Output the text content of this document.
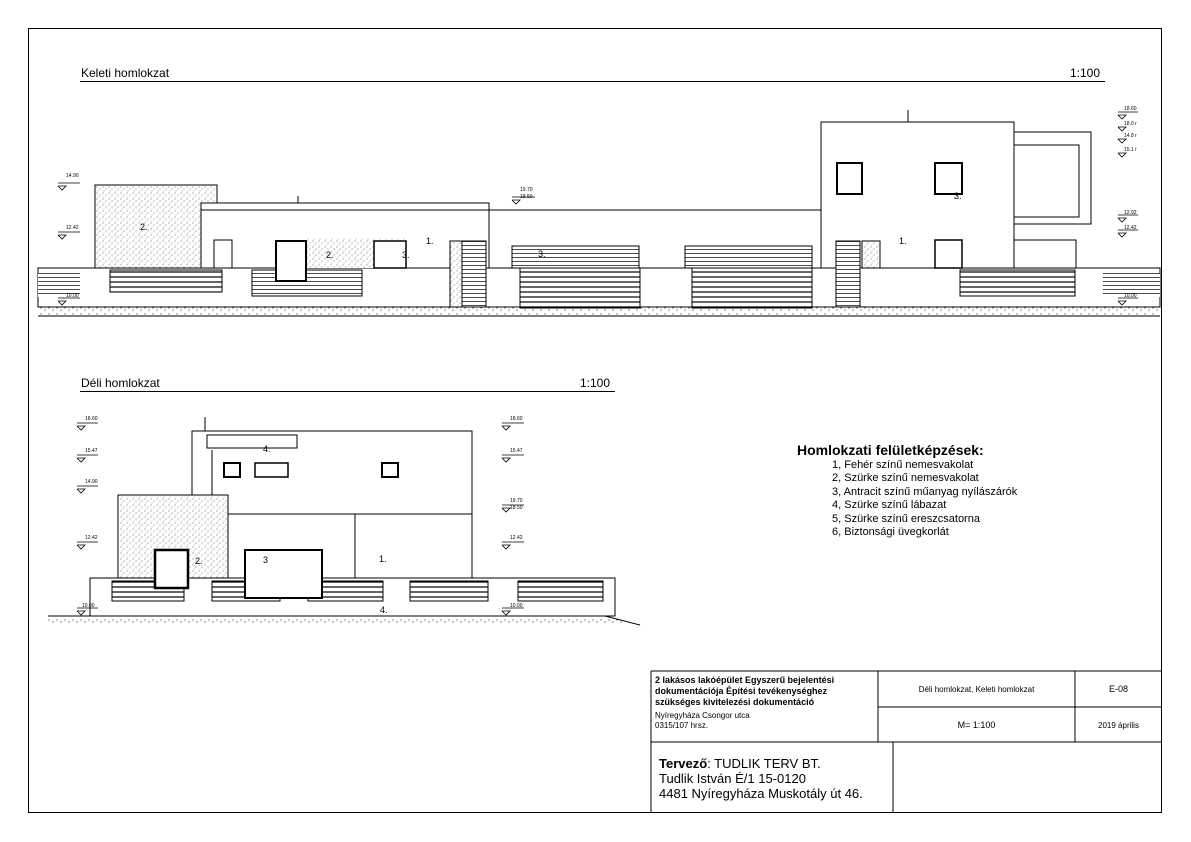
Keleti homlokzat	1:100
Déli homlokzat	1:100
14.90
12.42
10.00
19.70
18.50
18.60
18.0 r
14.8 r
15.1 r
12.92
12.42
10.00
2.
2.	3.
1.
3.
1.
3.
18.60
15.47
14.90
12.42
10.00
18.60
15.47
19.70
18.50
12.42
10.00
4.
2.	3	1.
4.
Homlokzati felületképzések:
1, Fehér színű nemesvakolat
2, Szürke színű nemesvakolat
3, Antracit színű műanyag nyílászárók
4, Szürke színű lábazat
5, Szürke színű ereszcsatorna
6, Biztonsági üvegkorlát
2 lakásos lakóépület Egyszerű bejelentési
dokumentációja Építési tevékenységhez
szükséges kivitelezési dokumentáció
Nyíregyháza Csongor utca
0315/107 hrsz.
Déli homlokzat, Keleti homlokzat	E-08
M= 1:100	2019 április
Tervező: TUDLIK TERV BT.
Tudlik István É/1 15-0120
4481 Nyíregyháza Muskotály út 46.
